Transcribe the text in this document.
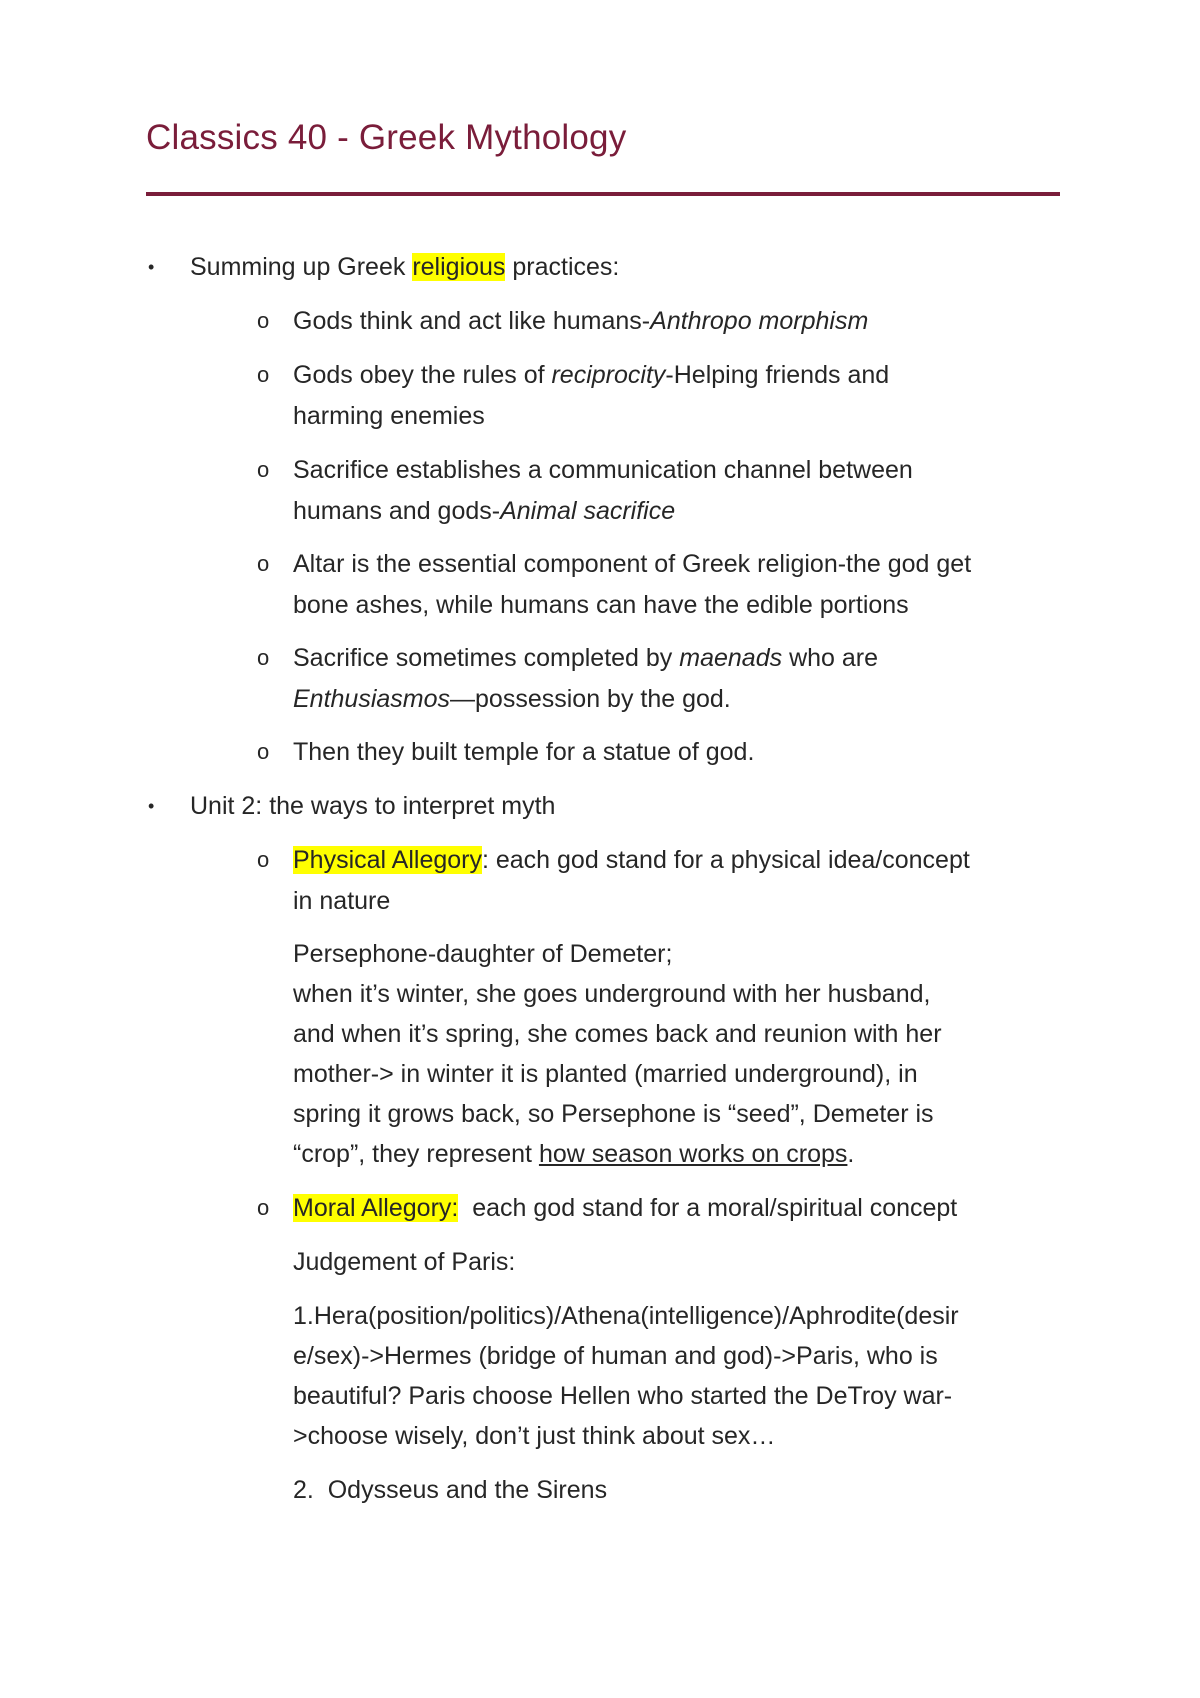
Classics 40 - Greek Mythology
• Summing up Greek religious practices:
o Gods think and act like humans-Anthropo morphism
o Gods obey the rules of reciprocity-Helping friends and
harming enemies
o Sacrifice establishes a communication channel between
humans and gods-Animal sacrifice
o Altar is the essential component of Greek religion-the god get
bone ashes, while humans can have the edible portions
o Sacrifice sometimes completed by maenads who are
Enthusiasmos—possession by the god.
o Then they built temple for a statue of god.
• Unit 2: the ways to interpret myth
o Physical Allegory: each god stand for a physical idea/concept
in nature
Persephone-daughter of Demeter;
when it’s winter, she goes underground with her husband,
and when it’s spring, she comes back and reunion with her
mother-> in winter it is planted (married underground), in
spring it grows back, so Persephone is “seed”, Demeter is
“crop”, they represent how season works on crops.
o Moral Allegory:  each god stand for a moral/spiritual concept
Judgement of Paris:
1.Hera(position/politics)/Athena(intelligence)/Aphrodite(desir
e/sex)->Hermes (bridge of human and god)->Paris, who is
beautiful? Paris choose Hellen who started the DeTroy war-
>choose wisely, don’t just think about sex…
2.  Odysseus and the Sirens
